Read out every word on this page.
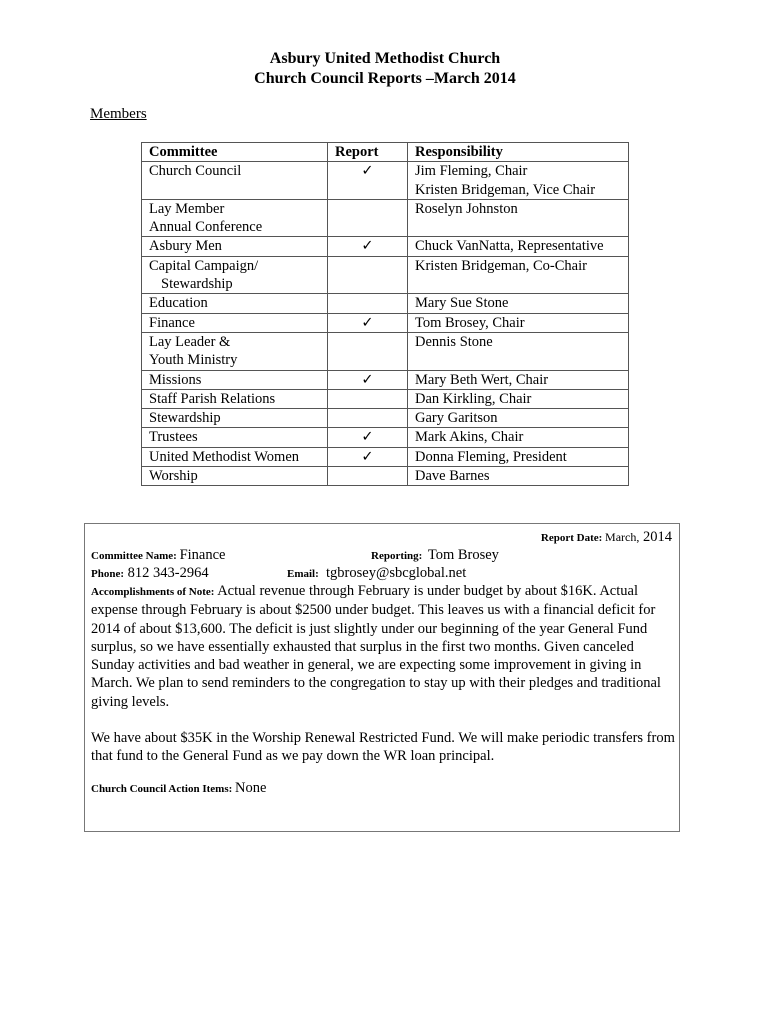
Asbury United Methodist Church
Church Council Reports –March 2014
Members
Committee	Report	Responsibility
Church Council	✓	Jim Fleming, Chair
Kristen Bridgeman, Vice Chair
Lay Member
Annual Conference		Roselyn Johnston
Asbury Men	✓	Chuck VanNatta, Representative
Capital Campaign/
Stewardship		Kristen Bridgeman, Co-Chair
Education		Mary Sue Stone
Finance	✓	Tom Brosey, Chair
Lay Leader &
Youth Ministry		Dennis Stone
Missions	✓	Mary Beth Wert, Chair
Staff Parish Relations		Dan Kirkling, Chair
Stewardship		Gary Garitson
Trustees	✓	Mark Akins, Chair
United Methodist Women	✓	Donna Fleming, President
Worship		Dave Barnes
Report Date: March, 2014
Committee Name: Finance	Reporting:  Tom Brosey
Phone: 812 343-2964	Email: tgbrosey@sbcglobal.net

Accomplishments of Note: Actual revenue through February is under budget by about $16K. Actual expense through February is about $2500 under budget. This leaves us with a financial deficit for 2014 of about $13,600. The deficit is just slightly under our beginning of the year General Fund surplus, so we have essentially exhausted that surplus in the first two months. Given canceled Sunday activities and bad weather in general, we are expecting some improvement in giving in March. We plan to send reminders to the congregation to stay up with their pledges and traditional giving levels.

We have about $35K in the Worship Renewal Restricted Fund. We will make periodic transfers from that fund to the General Fund as we pay down the WR loan principal.

Church Council Action Items: None
